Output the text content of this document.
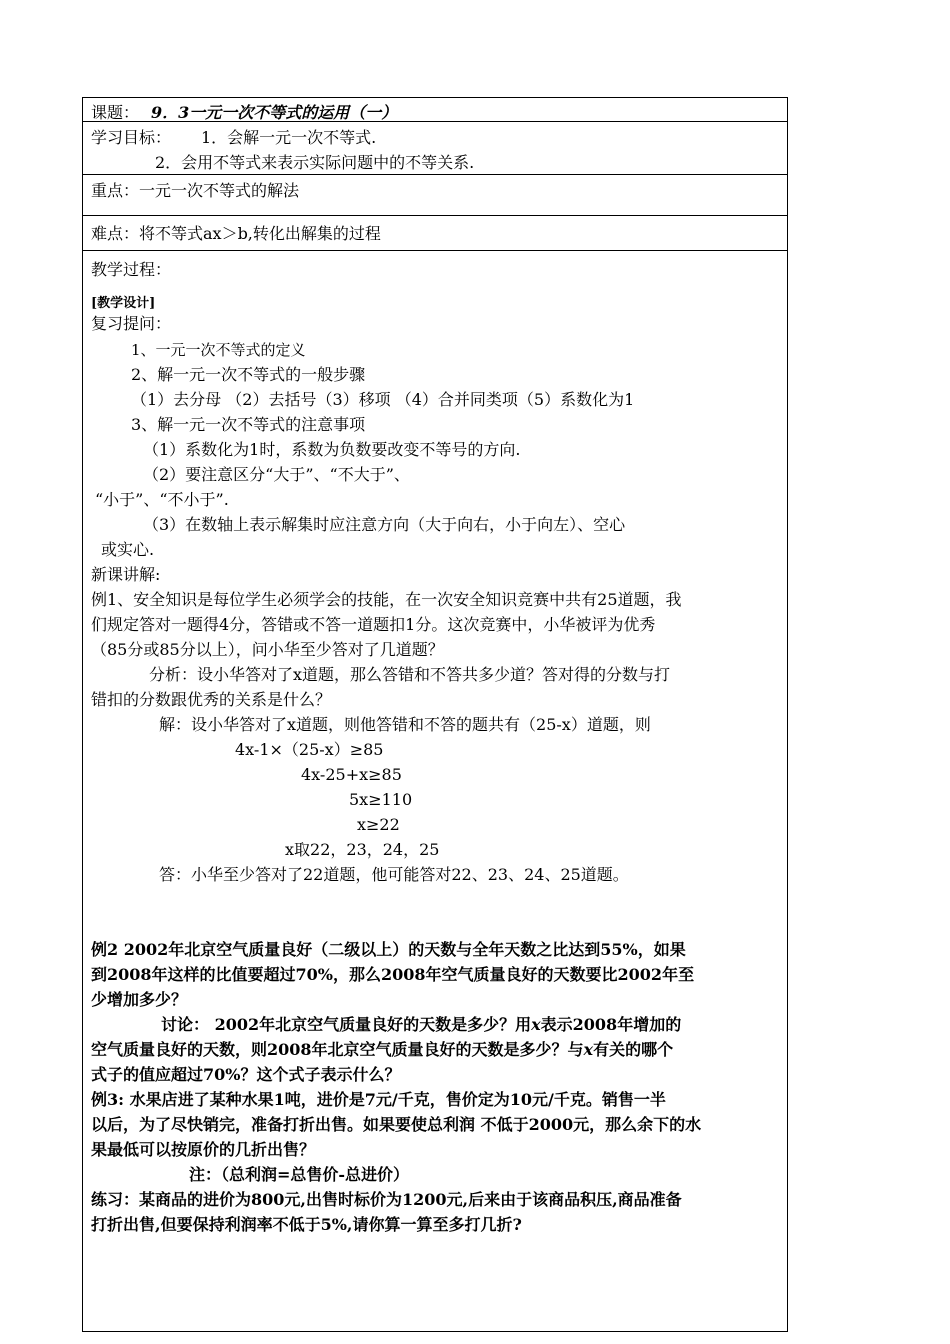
课题： 9．3一元一次不等式的运用（一）
学习目标： 1．会解一元一次不等式.
2．会用不等式来表示实际问题中的不等关系.
重点：一元一次不等式的解法
难点：将不等式ax＞b,转化出解集的过程
教学过程：
[教学设计]
复习提问：
1、一元一次不等式的定义
2、解一元一次不等式的一般步骤
（1）去分母 （2）去括号（3）移项 （4）合并同类项（5）系数化为1
3、解一元一次不等式的注意事项
（1）系数化为1时，系数为负数要改变不等号的方向.
（2）要注意区分“大于”、“不大于”、
“小于”、“不小于”.
（3）在数轴上表示解集时应注意方向（大于向右，小于向左）、空心
或实心.
新课讲解:
例1、安全知识是每位学生必须学会的技能，在一次安全知识竞赛中共有25道题，我
们规定答对一题得4分，答错或不答一道题扣1分。这次竞赛中，小华被评为优秀
（85分或85分以上），问小华至少答对了几道题？
分析：设小华答对了x道题，那么答错和不答共多少道？答对得的分数与打
错扣的分数跟优秀的关系是什么？
解：设小华答对了x道题，则他答错和不答的题共有（25-x）道题，则
4x-1×（25-x）≥85
4x-25+x≥85
5x≥110
x≥22
x取22，23，24，25
答：小华至少答对了22道题，他可能答对22、23、24、25道题。
例2 2002年北京空气质量良好（二级以上）的天数与全年天数之比达到55%，如果
到2008年这样的比值要超过70%，那么2008年空气质量良好的天数要比2002年至
少增加多少？
讨论： 2002年北京空气质量良好的天数是多少？用x表示2008年增加的
空气质量良好的天数，则2008年北京空气质量良好的天数是多少？与x有关的哪个
式子的值应超过70%？这个式子表示什么？
例3: 水果店进了某种水果1吨，进价是7元/千克，售价定为10元/千克。销售一半
以后，为了尽快销完，准备打折出售。如果要使总利润 不低于2000元，那么余下的水
果最低可以按原价的几折出售？
注：（总利润=总售价-总进价）
练习：某商品的进价为800元,出售时标价为1200元,后来由于该商品积压,商品准备
打折出售,但要保持利润率不低于5%,请你算一算至多打几折?
